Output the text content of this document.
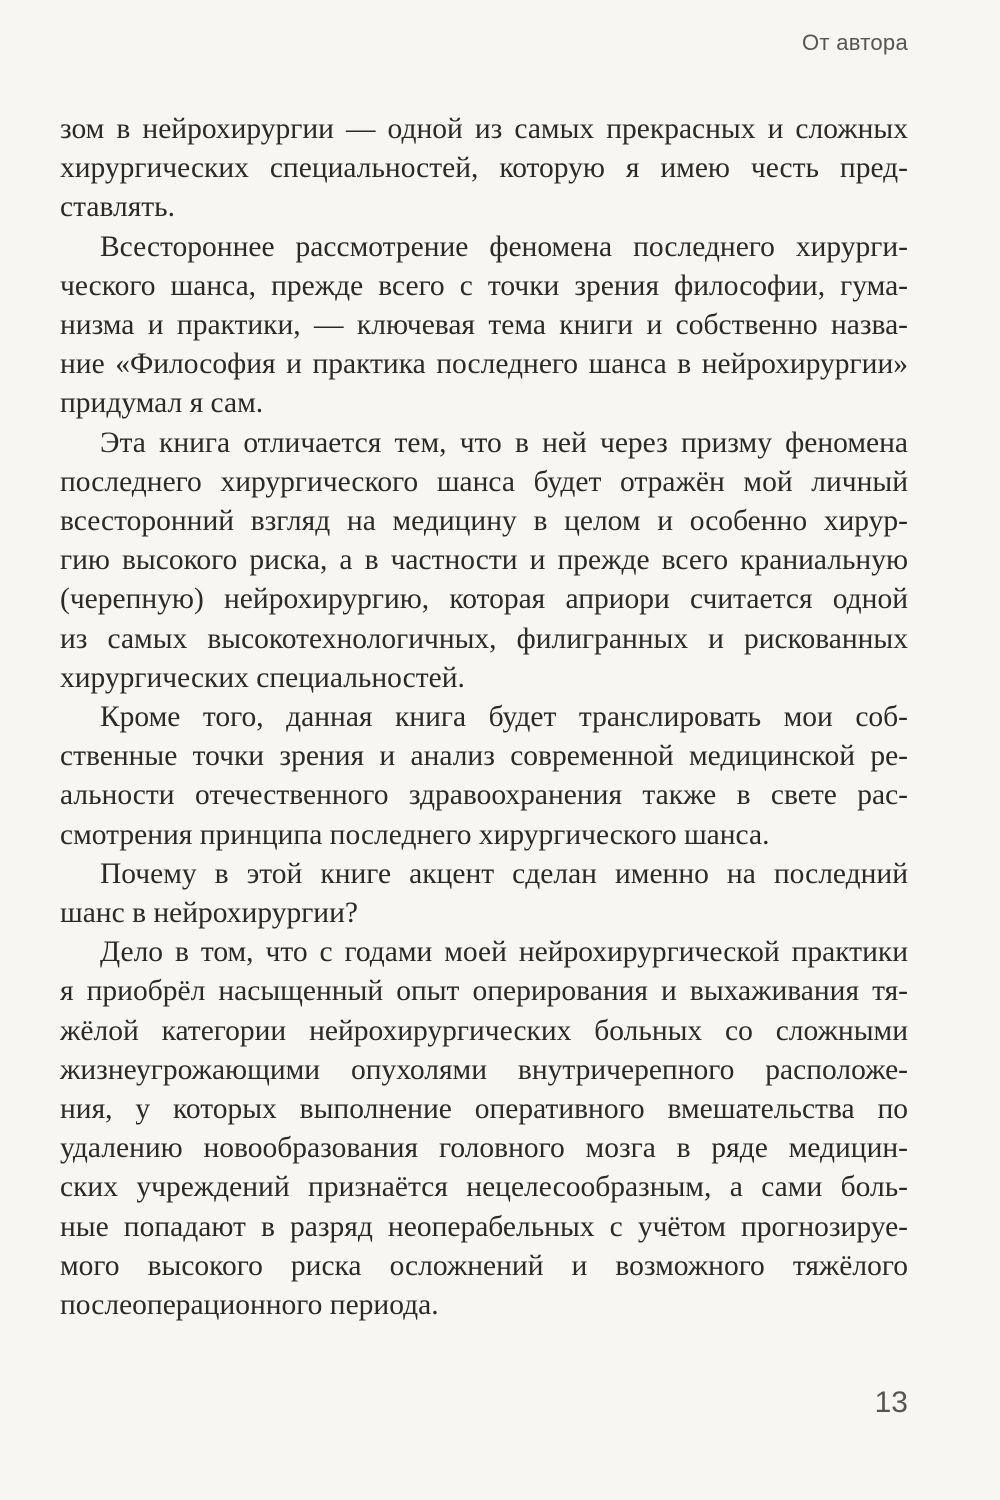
От автора
зом в нейрохирургии — одной из самых прекрасных и сложных
хирургических специальностей, которую я имею честь пред-
ставлять.
Всестороннее рассмотрение феномена последнего хирурги-
ческого шанса, прежде всего с точки зрения философии, гума-
низма и практики, — ключевая тема книги и собственно назва-
ние «Философия и практика последнего шанса в нейрохирургии»
придумал я сам.
Эта книга отличается тем, что в ней через призму феномена
последнего хирургического шанса будет отражён мой личный
всесторонний взгляд на медицину в целом и особенно хирур-
гию высокого риска, а в частности и прежде всего краниальную
(черепную) нейрохирургию, которая априори считается одной
из самых высокотехнологичных, филигранных и рискованных
хирургических специальностей.
Кроме того, данная книга будет транслировать мои соб-
ственные точки зрения и анализ современной медицинской ре-
альности отечественного здравоохранения также в свете рас-
смотрения принципа последнего хирургического шанса.
Почему в этой книге акцент сделан именно на последний
шанс в нейрохирургии?
Дело в том, что с годами моей нейрохирургической практики
я приобрёл насыщенный опыт оперирования и выхаживания тя-
жёлой категории нейрохирургических больных со сложными
жизнеугрожающими опухолями внутричерепного расположе-
ния, у которых выполнение оперативного вмешательства по
удалению новообразования головного мозга в ряде медицин-
ских учреждений признаётся нецелесообразным, а сами боль-
ные попадают в разряд неоперабельных с учётом прогнозируе-
мого высокого риска осложнений и возможного тяжёлого
послеоперационного периода.
13
